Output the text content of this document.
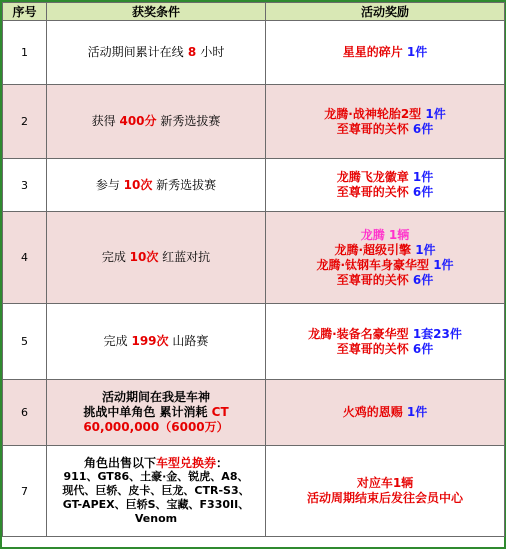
序号	获奖条件	活动奖励
1	活动期间累计在线 8 小时	星星的碎片 1件
2	获得 400分 新秀选拔赛	龙腾·战神轮胎2型 1件
至尊哥的关怀 6件

3	参与 10次 新秀选拔赛	龙腾飞龙徽章 1件
至尊哥的关怀 6件

4	完成 10次 红蓝对抗	龙腾 1辆
龙腾·超级引擎 1件
龙腾·钛钢车身豪华型 1件
至尊哥的关怀 6件

5	完成 199次 山路赛	龙腾·装备名豪华型 1套23件
至尊哥的关怀 6件

6	活动期间在我是车神
挑战中单角色 累计消耗 CT
60,000,000（6000万）	火鸡的恩赐 1件
7	角色出售以下车型兑换券：
911、GT86、土豪·金、锐虎、A8、
现代、巨轿、皮卡、巨龙、CTR-S3、
GT-APEX、巨轿S、宝藏、F330II、
Venom	对应车1辆
活动周期结束后发往会员中心
